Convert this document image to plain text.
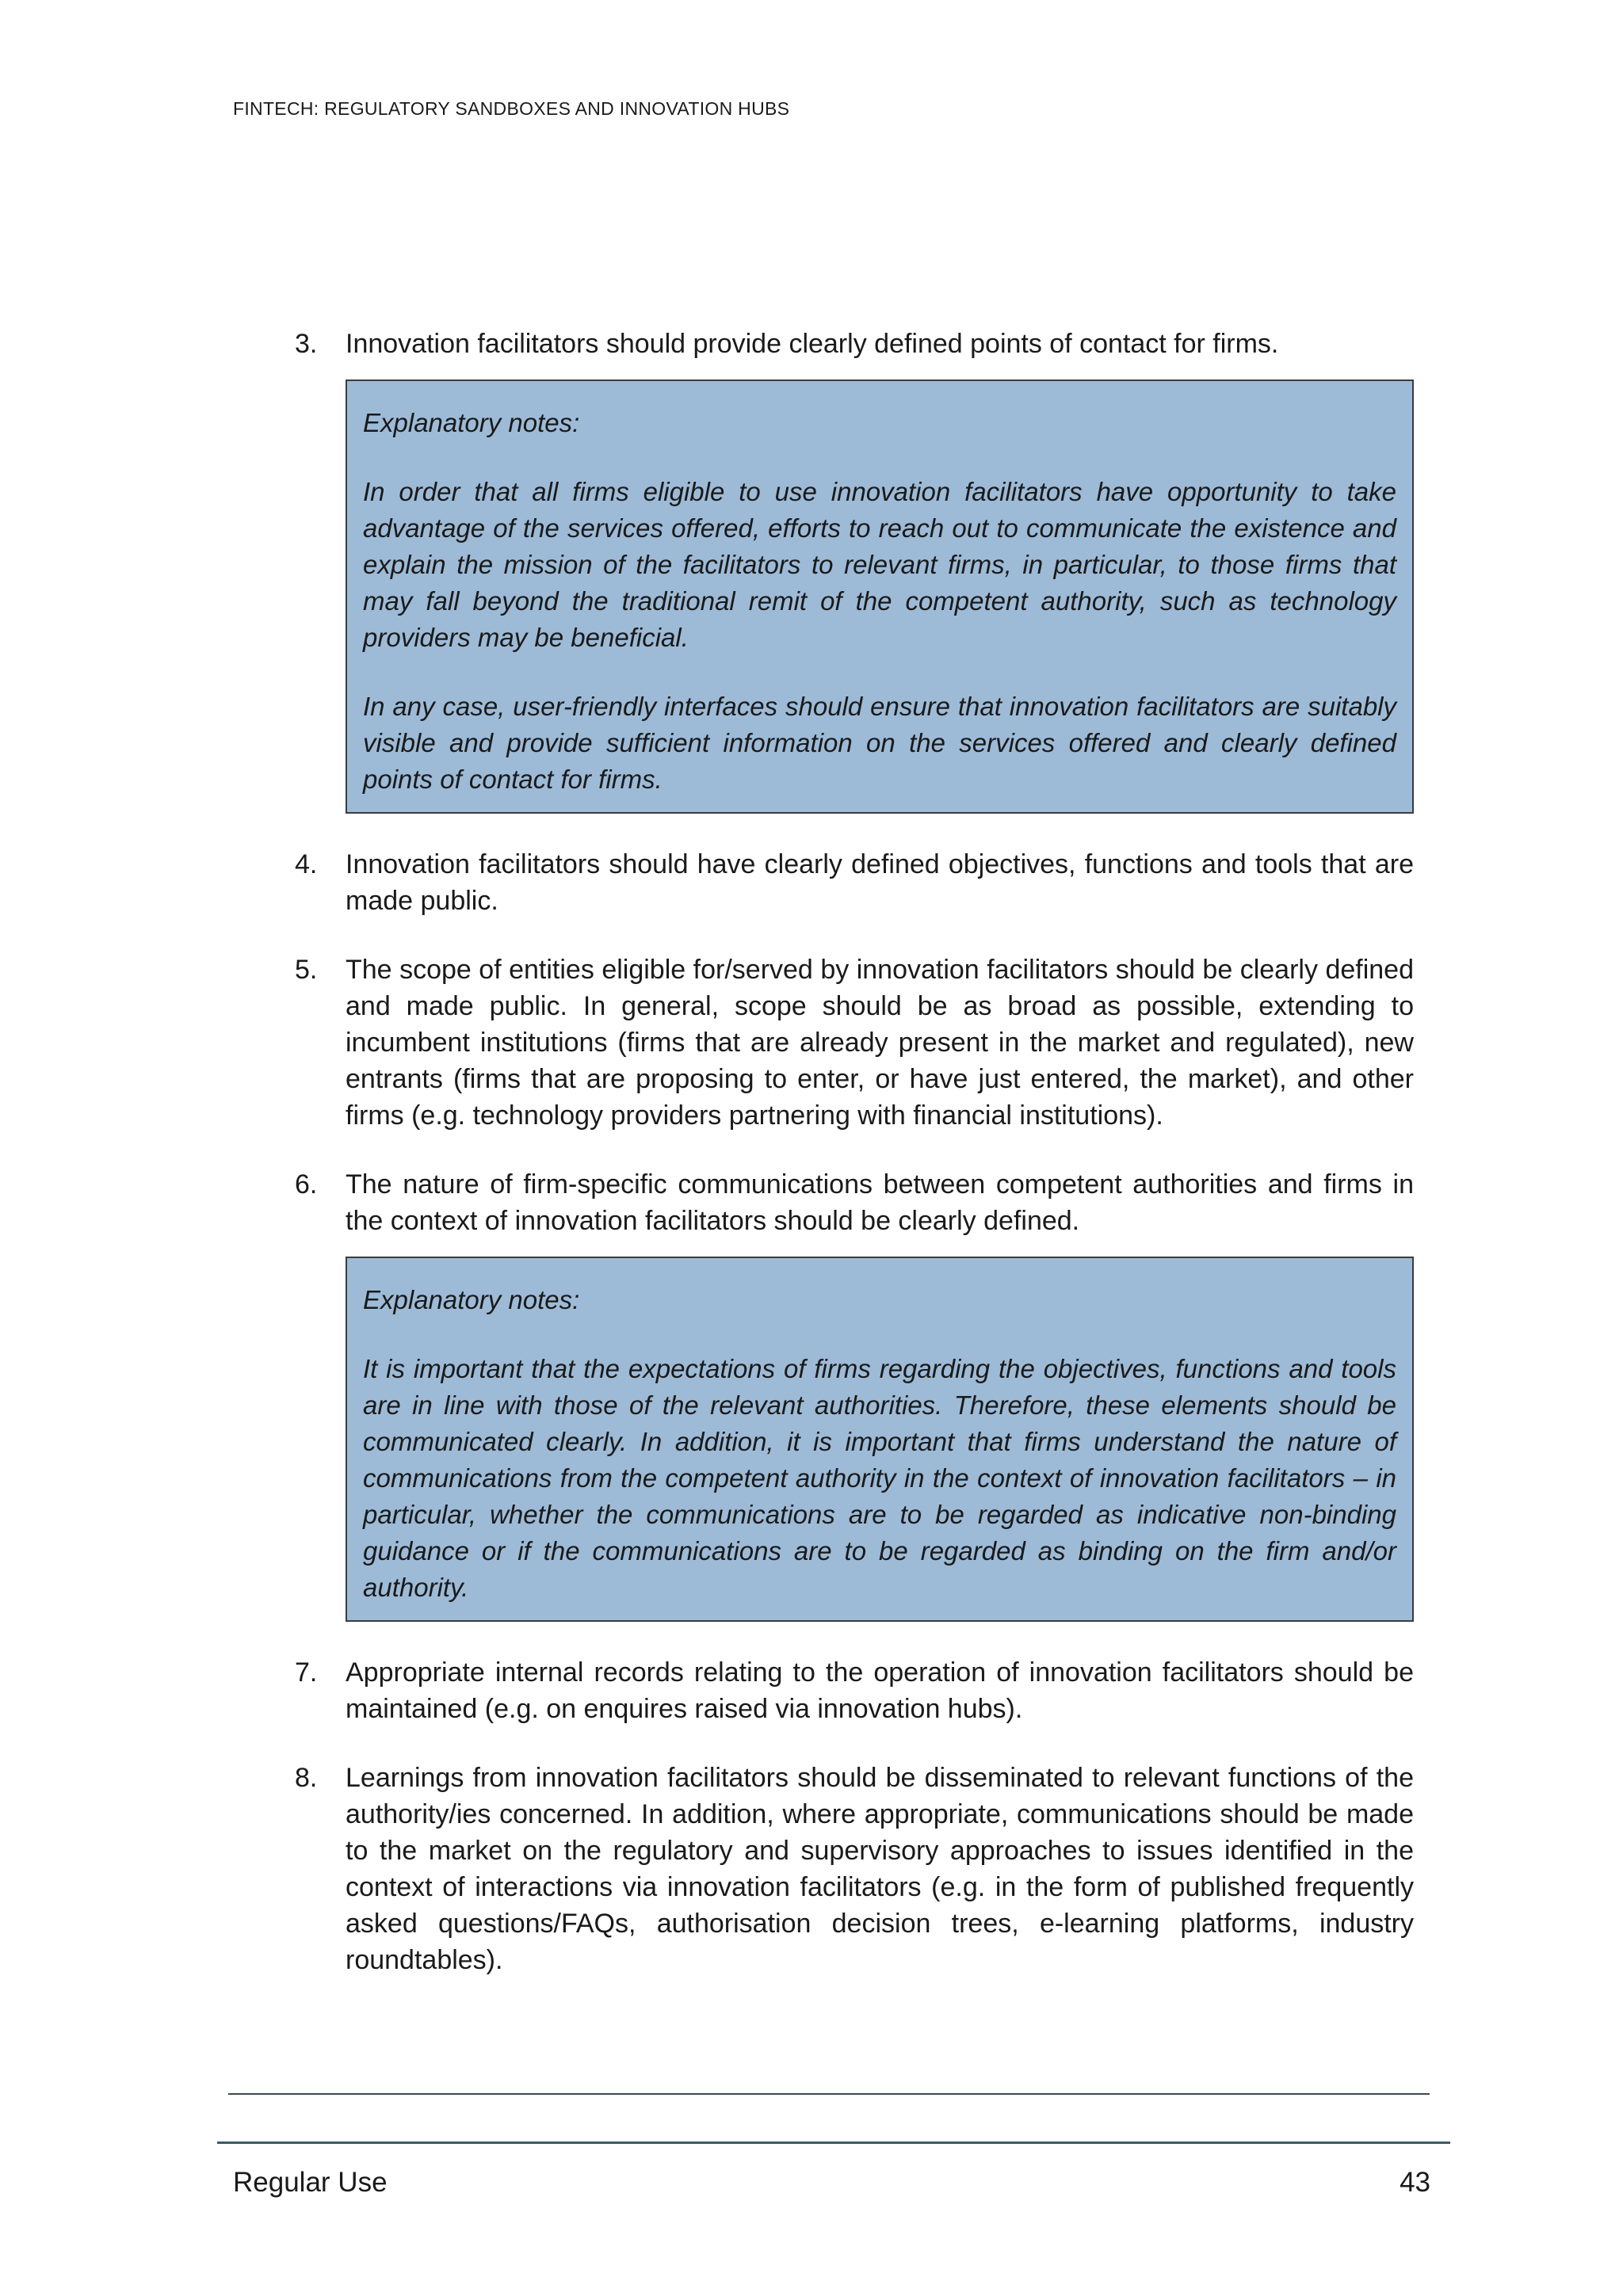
FINTECH: REGULATORY SANDBOXES AND INNOVATION HUBS
3.	Innovation facilitators should provide clearly defined points of contact for firms.

Explanatory notes:

In order that all firms eligible to use innovation facilitators have opportunity to take advantage of the services offered, efforts to reach out to communicate the existence and explain the mission of the facilitators to relevant firms, in particular, to those firms that may fall beyond the traditional remit of the competent authority, such as technology providers may be beneficial.

In any case, user-friendly interfaces should ensure that innovation facilitators are suitably visible and provide sufficient information on the services offered and clearly defined points of contact for firms.

4.	Innovation facilitators should have clearly defined objectives, functions and tools that are made public.
5.	The scope of entities eligible for/served by innovation facilitators should be clearly defined and made public. In general, scope should be as broad as possible, extending to incumbent institutions (firms that are already present in the market and regulated), new entrants (firms that are proposing to enter, or have just entered, the market), and other firms (e.g. technology providers partnering with financial institutions).
6.	The nature of firm-specific communications between competent authorities and firms in the context of innovation facilitators should be clearly defined.

Explanatory notes:

It is important that the expectations of firms regarding the objectives, functions and tools are in line with those of the relevant authorities. Therefore, these elements should be communicated clearly. In addition, it is important that firms understand the nature of communications from the competent authority in the context of innovation facilitators – in particular, whether the communications are to be regarded as indicative non-binding guidance or if the communications are to be regarded as binding on the firm and/or authority.

7.	Appropriate internal records relating to the operation of innovation facilitators should be maintained (e.g. on enquires raised via innovation hubs).
8.	Learnings from innovation facilitators should be disseminated to relevant functions of the authority/ies concerned. In addition, where appropriate, communications should be made to the market on the regulatory and supervisory approaches to issues identified in the context of interactions via innovation facilitators (e.g. in the form of published frequently asked questions/FAQs, authorisation decision trees, e-learning platforms, industry roundtables).
Regular Use	43
